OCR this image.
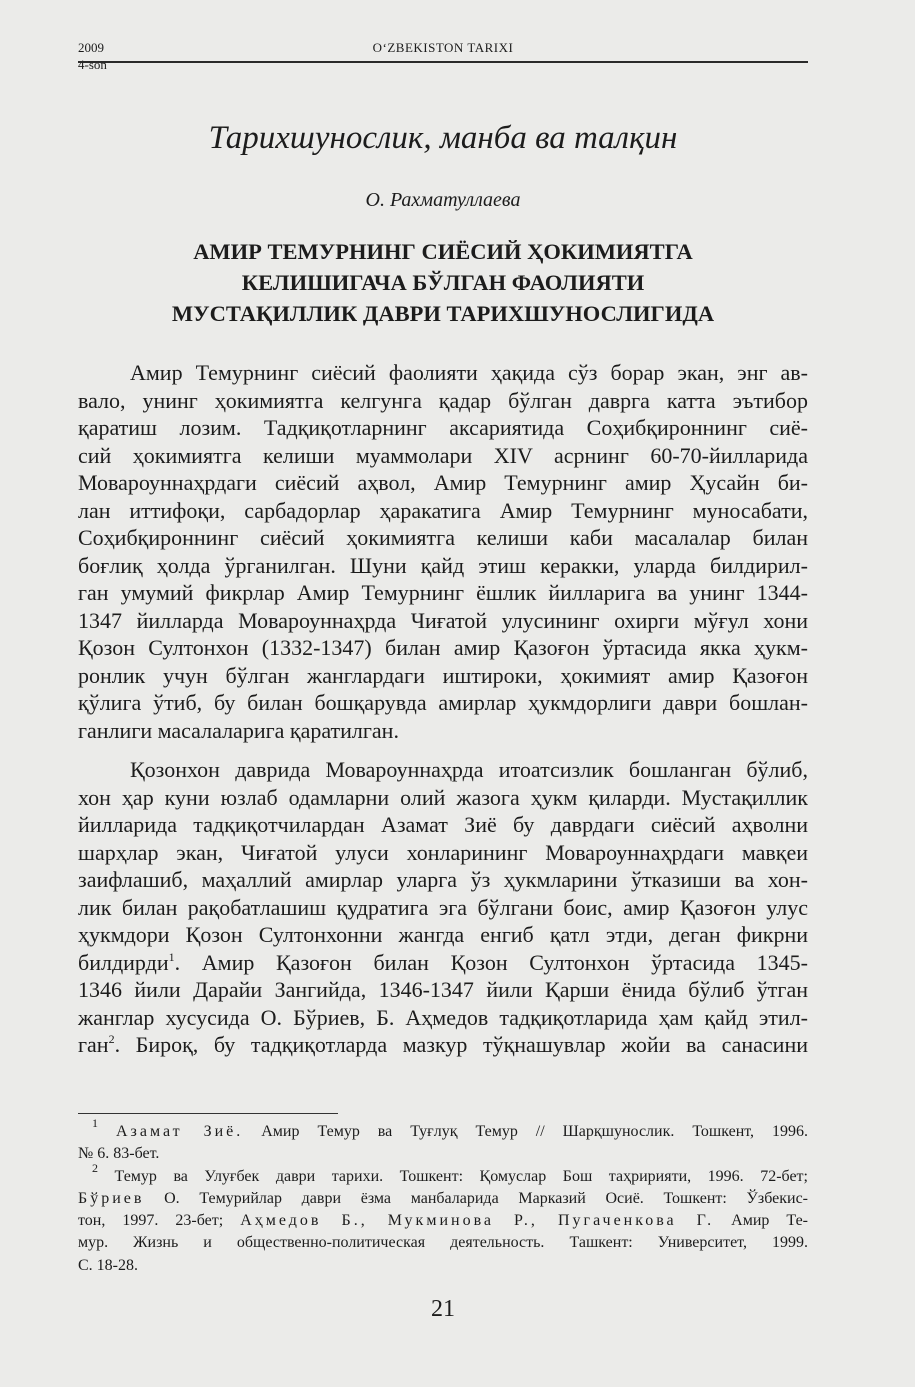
2009	O‘ZBEKISTON TARIXI
4-son
Тарихшунослик, манба ва талқин
О. Рахматуллаева
АМИР ТЕМУРНИНГ СИЁСИЙ ҲОКИМИЯТГА
КЕЛИШИГАЧА БЎЛГАН ФАОЛИЯТИ
МУСТАҚИЛЛИК ДАВРИ ТАРИХШУНОСЛИГИДА
Амир Темурнинг сиёсий фаолияти ҳақида сўз борар экан, энг ав-
вало, унинг ҳокимиятга келгунга қадар бўлган даврга катта эътибор
қаратиш лозим. Тадқиқотларнинг аксариятида Соҳибқироннинг сиё-
сий ҳокимиятга келиши муаммолари XIV асрнинг 60-70-йилларида
Мовароуннаҳрдаги сиёсий аҳвол, Амир Темурнинг амир Ҳусайн би-
лан иттифоқи, сарбадорлар ҳаракатига Амир Темурнинг муносабати,
Соҳибқироннинг сиёсий ҳокимиятга келиши каби масалалар билан
боғлиқ ҳолда ўрганилган. Шуни қайд этиш керакки, уларда билдирил-
ган умумий фикрлар Амир Темурнинг ёшлик йилларига ва унинг 1344-
1347 йилларда Мовароуннаҳрда Чиғатой улусининг охирги мўғул хони
Қозон Султонхон (1332-1347) билан амир Қазоғон ўртасида якка ҳукм-
ронлик учун бўлган жанглардаги иштироки, ҳокимият амир Қазоғон
қўлига ўтиб, бу билан бошқарувда амирлар ҳукмдорлиги даври бошлан-
ганлиги масалаларига қаратилган.
Қозонхон даврида Мовароуннаҳрда итоатсизлик бошланган бўлиб,
хон ҳар куни юзлаб одамларни олий жазога ҳукм қиларди. Мустақиллик
йилларида тадқиқотчилардан Азамат Зиё бу даврдаги сиёсий аҳволни
шарҳлар экан, Чиғатой улуси хонларининг Мовароуннаҳрдаги мавқеи
заифлашиб, маҳаллий амирлар уларга ўз ҳукмларини ўтказиши ва хон-
лик билан рақобатлашиш қудратига эга бўлгани боис, амир Қазоғон улус
ҳукмдори Қозон Султонхонни жангда енгиб қатл этди, деган фикрни
билдирди$^1$. Амир Қазоғон билан Қозон Султонхон ўртасида 1345-
1346 йили Дарайи Зангийда, 1346-1347 йили Қарши ёнида бўлиб ўтган
жанглар хусусида О. Бўриев, Б. Аҳмедов тадқиқотларида ҳам қайд этил-
ган$^2$. Бироқ, бу тадқиқотларда мазкур тўқнашувлар жойи ва санасини
$^1$ Азамат Зиё. Амир Темур ва Туғлуқ Темур // Шарқшунослик. Тошкент, 1996.
№ 6. 83-бет.
$^2$ Темур ва Улуғбек даври тарихи. Тошкент: Қомуслар Бош таҳририяти, 1996. 72-бет;
Бўриев О. Темурийлар даври ёзма манбаларида Марказий Осиё. Тошкент: Ўзбекис-
тон, 1997. 23-бет; Аҳмедов Б., Мукминова Р., Пугаченкова Г. Амир Те-
мур. Жизнь и общественно-политическая деятельность. Ташкент: Университет, 1999.
С. 18-28.
21
